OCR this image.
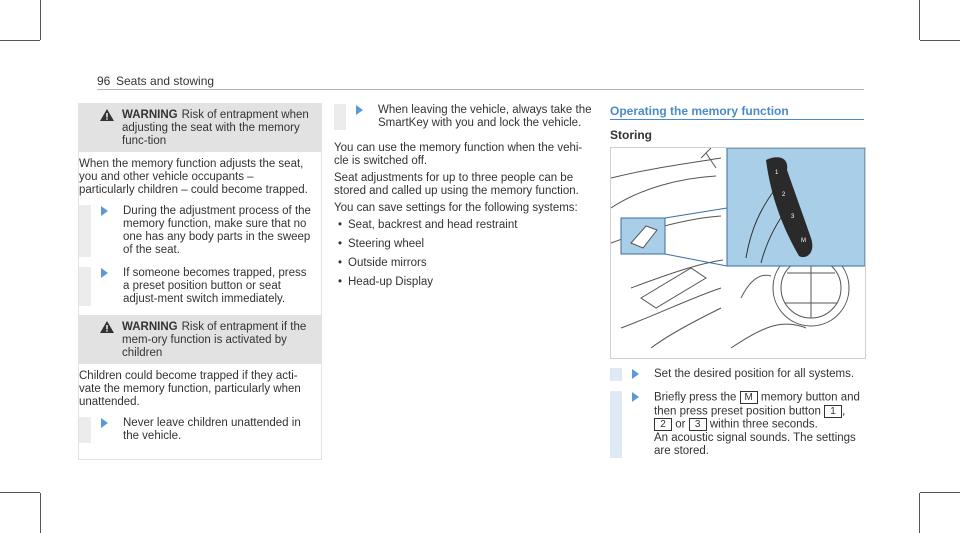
96 Seats and stowing
WARNING Risk of entrapment when adjusting the seat with the memory func-tion

When the memory function adjusts the seat, you and other vehicle occupants – particularly children – could become trapped.

During the adjustment process of the memory function, make sure that no one has any body parts in the sweep of the seat.
If someone becomes trapped, press a preset position button or seat adjust-ment switch immediately.
WARNING Risk of entrapment if the mem-ory function is activated by children

Children could become trapped if they acti-vate the memory function, particularly when unattended.

Never leave children unattended in the vehicle.
When leaving the vehicle, always take the SmartKey with you and lock the vehicle.

You can use the memory function when the vehi-cle is switched off.

Seat adjustments for up to three people can be stored and called up using the memory function.

You can save settings for the following systems:

• Seat, backrest and head restraint
• Steering wheel
• Outside mirrors
• Head-up Display
Operating the memory function
Storing
1
2
3
M
Set the desired position for all systems.
Briefly press the M memory button and then press preset position button 1 , 2 or 3 within three seconds.
An acoustic signal sounds. The settings are stored.
